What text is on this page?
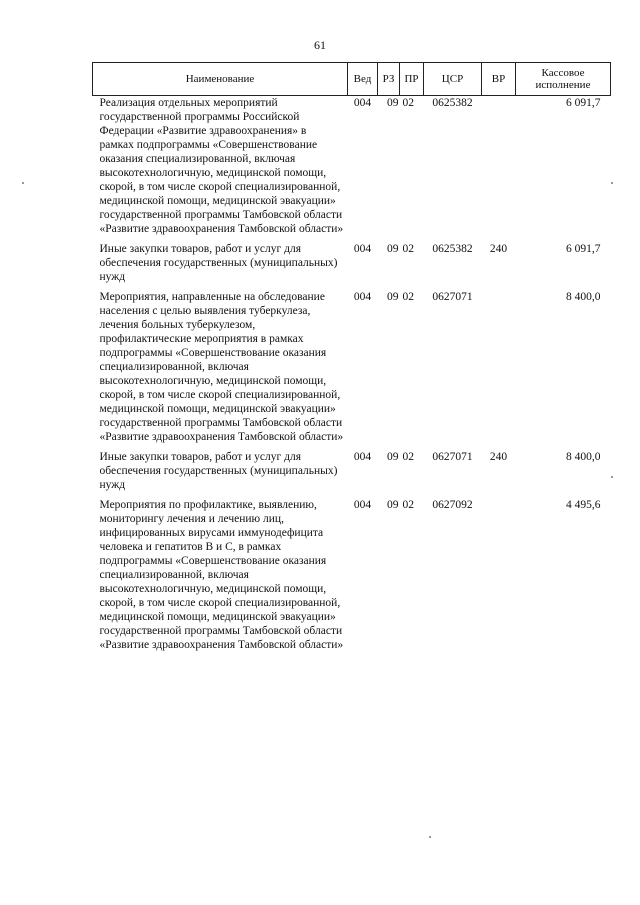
61
Наименование	Вед	РЗ	ПР	ЦСР	ВР	Кассовое исполнение
Реализация отдельных мероприятий государственной программы Российской Федерации «Развитие здравоохранения» в рамках подпрограммы «Совершенствование оказания специализированной, включая высокотехнологичную, медицинской помощи, скорой, в том числе скорой специализированной, медицинской помощи, медицинской эвакуации» государственной программы Тамбовской области «Развитие здравоохранения Тамбовской области»	004	09	02	0625382		6 091,7
Иные закупки товаров, работ и услуг для обеспечения государственных (муниципальных) нужд	004	09	02	0625382	240	6 091,7
Мероприятия, направленные на обследование населения с целью выявления туберкулеза, лечения больных туберкулезом, профилактические мероприятия в рамках подпрограммы «Совершенствование оказания специализированной, включая высокотехнологичную, медицинской помощи, скорой, в том числе скорой специализированной, медицинской помощи, медицинской эвакуации» государственной программы Тамбовской области «Развитие здравоохранения Тамбовской области»	004	09	02	0627071		8 400,0
Иные закупки товаров, работ и услуг для обеспечения государственных (муниципальных) нужд	004	09	02	0627071	240	8 400,0
Мероприятия по профилактике, выявлению, мониторингу лечения и лечению лиц, инфицированных вирусами иммунодефицита человека и гепатитов В и С, в рамках подпрограммы «Совершенствование оказания специализированной, включая высокотехнологичную, медицинской помощи, скорой, в том числе скорой специализированной, медицинской помощи, медицинской эвакуации» государственной программы Тамбовской области «Развитие здравоохранения Тамбовской области»	004	09	02	0627092		4 495,6
